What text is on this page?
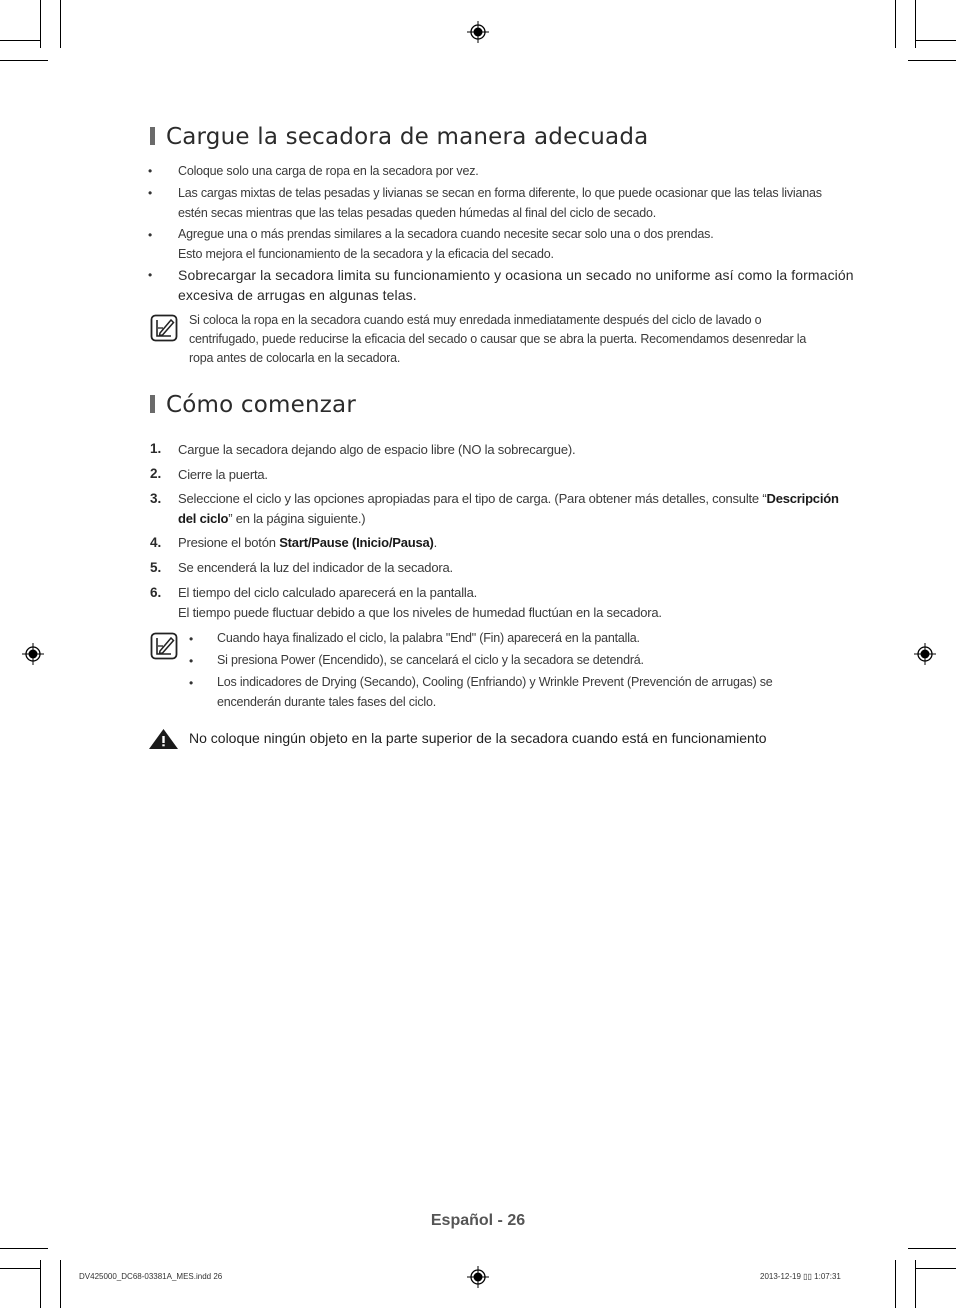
Cargue la secadora de manera adecuada
• Coloque solo una carga de ropa en la secadora por vez.
• Las cargas mixtas de telas pesadas y livianas se secan en forma diferente, lo que puede ocasionar que las telas livianas
estén secas mientras que las telas pesadas queden húmedas al final del ciclo de secado.
• Agregue una o más prendas similares a la secadora cuando necesite secar solo una o dos prendas.
Esto mejora el funcionamiento de la secadora y la eficacia del secado.
• Sobrecargar la secadora limita su funcionamiento y ocasiona un secado no uniforme así como la formación
excesiva de arrugas en algunas telas.
Si coloca la ropa en la secadora cuando está muy enredada inmediatamente después del ciclo de lavado o
centrifugado, puede reducirse la eficacia del secado o causar que se abra la puerta. Recomendamos desenredar la
ropa antes de colocarla en la secadora.
Cómo comenzar
1. Cargue la secadora dejando algo de espacio libre (NO la sobrecargue).
2. Cierre la puerta.
3. Seleccione el ciclo y las opciones apropiadas para el tipo de carga. (Para obtener más detalles, consulte “Descripción
del ciclo” en la página siguiente.)
4. Presione el botón Start/Pause (Inicio/Pausa).
5. Se encenderá la luz del indicador de la secadora.
6. El tiempo del ciclo calculado aparecerá en la pantalla.
El tiempo puede fluctuar debido a que los niveles de humedad fluctúan en la secadora.
• Cuando haya finalizado el ciclo, la palabra "End" (Fin) aparecerá en la pantalla.
• Si presiona Power (Encendido), se cancelará el ciclo y la secadora se detendrá.
• Los indicadores de Drying (Secando), Cooling (Enfriando) y Wrinkle Prevent (Prevención de arrugas) se
encenderán durante tales fases del ciclo.
No coloque ningún objeto en la parte superior de la secadora cuando está en funcionamiento
Español - 26
DV425000_DC68-03381A_MES.indd 26	2013-12-19 ▯▯ 1:07:31
